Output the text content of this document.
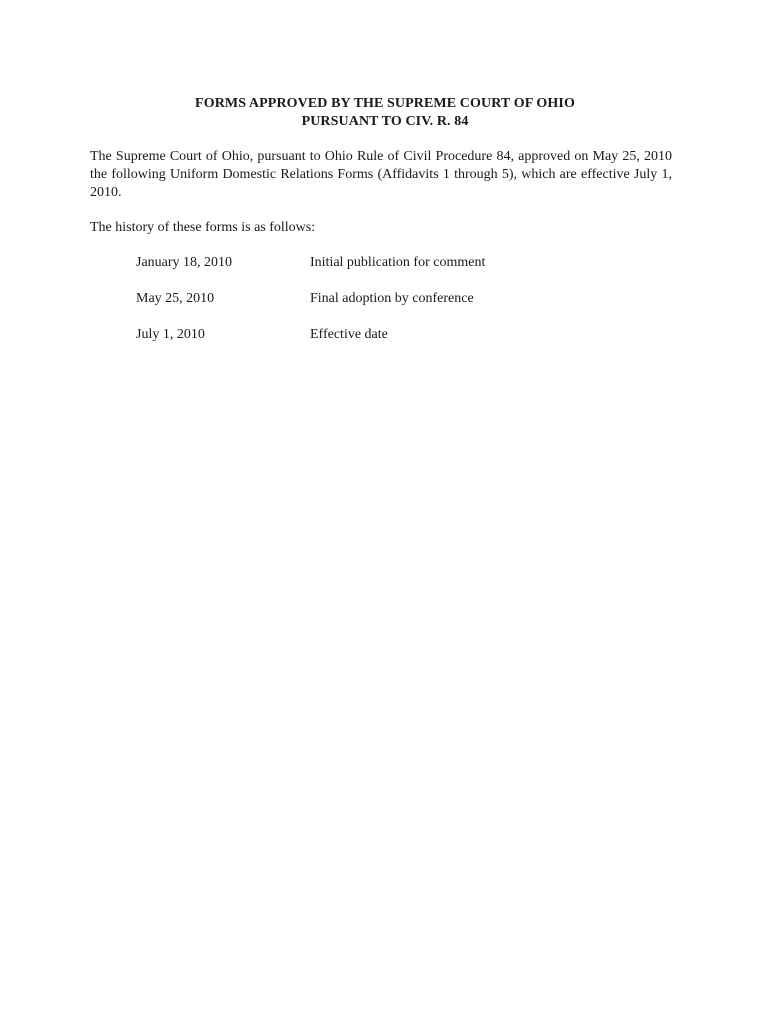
FORMS APPROVED BY THE SUPREME COURT OF OHIO
PURSUANT TO CIV. R. 84
The Supreme Court of Ohio, pursuant to Ohio Rule of Civil Procedure 84, approved on May 25, 2010 the following Uniform Domestic Relations Forms (Affidavits 1 through 5), which are effective July 1, 2010.
The history of these forms is as follows:
January 18, 2010	Initial publication for comment
May 25, 2010	Final adoption by conference
July 1, 2010	Effective date
